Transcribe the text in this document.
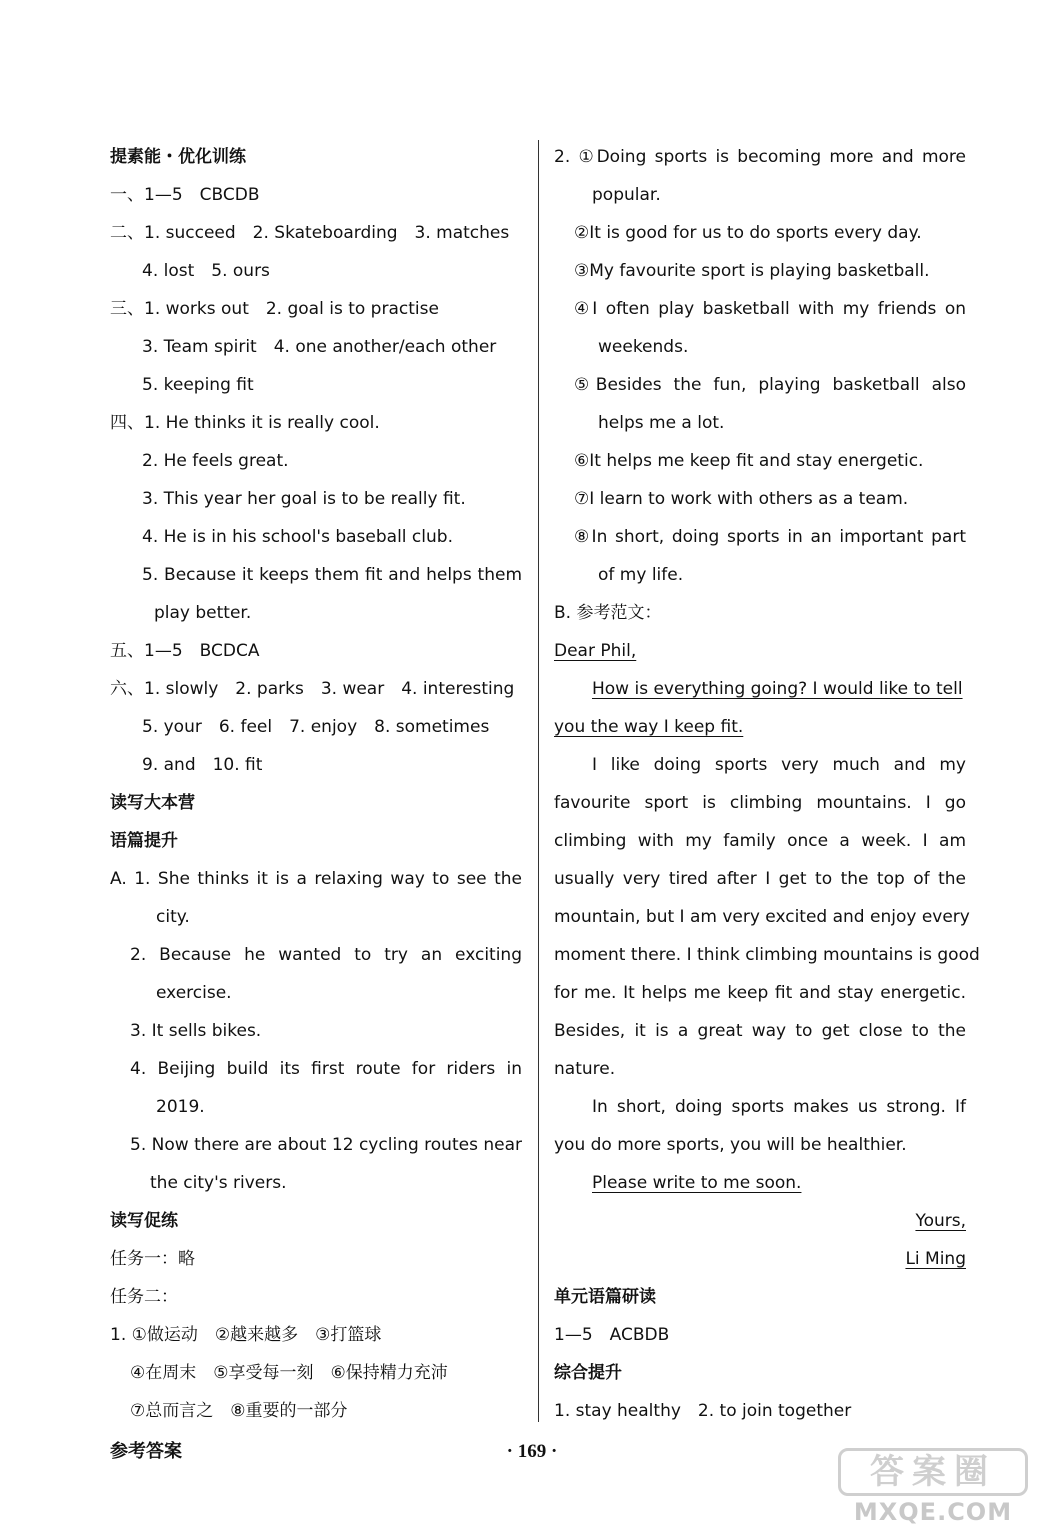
提素能・优化训练
一、1—5　CBCDB
二、1. succeed　2. Skateboarding　3. matches
4. lost　5. ours
三、1. works out　2. goal is to practise
3. Team spirit　4. one another/each other
5. keeping fit
四、1. He thinks it is really cool.
2. He feels great.
3. This year her goal is to be really fit.
4. He is in his school's baseball club.
5. Because it keeps them fit and helps them
play better.
五、1—5　BCDCA
六、1. slowly　2. parks　3. wear　4. interesting
5. your　6. feel　7. enjoy　8. sometimes
9. and　10. fit
读写大本营
语篇提升
A. 1. She thinks it is a relaxing way to see the
city.
2. Because he wanted to try an exciting
exercise.
3. It sells bikes.
4. Beijing build its first route for riders in
2019.
5. Now there are about 12 cycling routes near
the city's rivers.
读写促练
任务一：略
任务二：
1. ①做运动　②越来越多　③打篮球
④在周末　⑤享受每一刻　⑥保持精力充沛
⑦总而言之　⑧重要的一部分
2. ①Doing sports is becoming more and more
popular.
②It is good for us to do sports every day.
③My favourite sport is playing basketball.
④I often play basketball with my friends on
weekends.
⑤Besides the fun, playing basketball also
helps me a lot.
⑥It helps me keep fit and stay energetic.
⑦I learn to work with others as a team.
⑧In short, doing sports in an important part
of my life.
B. 参考范文：
Dear Phil,
How is everything going? I would like to tell
you the way I keep fit.
I like doing sports very much and my
favourite sport is climbing mountains. I go
climbing with my family once a week. I am
usually very tired after I get to the top of the
mountain, but I am very excited and enjoy every
moment there. I think climbing mountains is good
for me. It helps me keep fit and stay energetic.
Besides, it is a great way to get close to the
nature.
In short, doing sports makes us strong. If
you do more sports, you will be healthier.
Please write to me soon.
Yours,
Li Ming
单元语篇研读
1—5　ACBDB
综合提升
1. stay healthy　2. to join together
参考答案	· 169 ·
答案圈
MXQE.COM
